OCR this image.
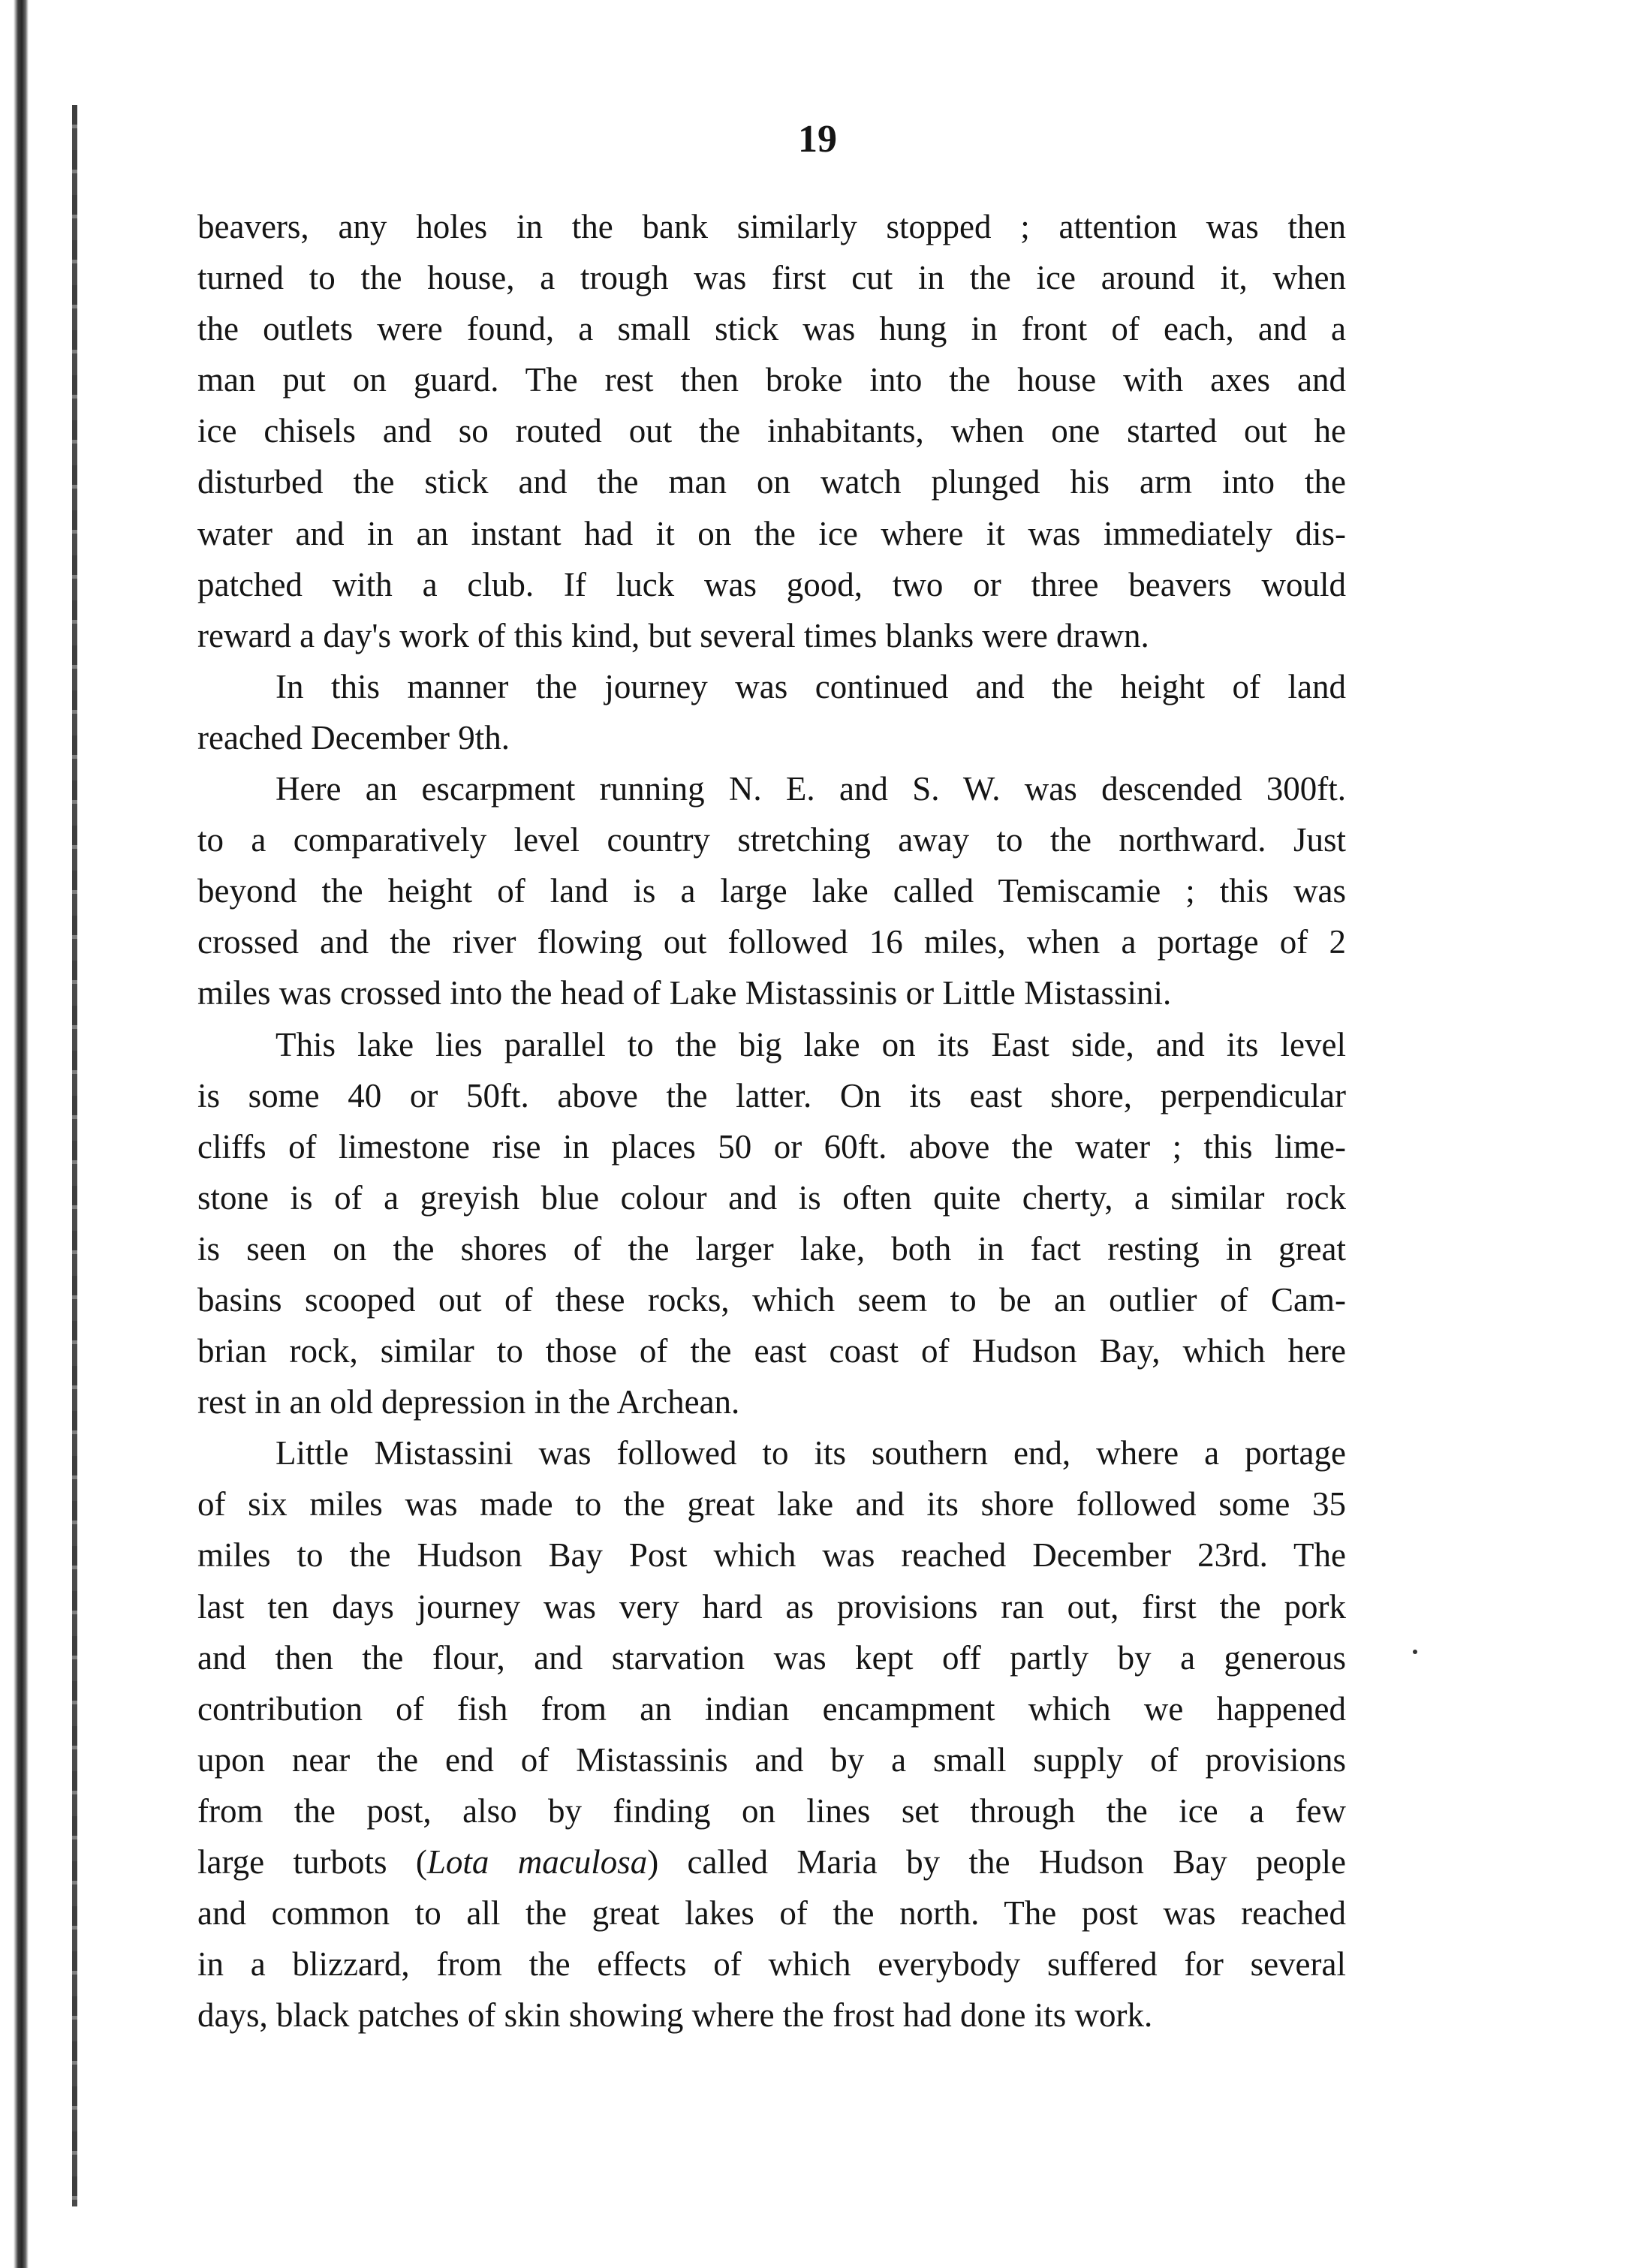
19
beavers, any holes in the bank similarly stopped ; attention was then
turned to the house, a trough was first cut in the ice around it, when
the outlets were found, a small stick was hung in front of each, and a
man put on guard. The rest then broke into the house with axes and
ice chisels and so routed out the inhabitants, when one started out he
disturbed the stick and the man on watch plunged his arm into the
water and in an instant had it on the ice where it was immediately dis-
patched with a club. If luck was good, two or three beavers would
reward a day's work of this kind, but several times blanks were drawn.
In this manner the journey was continued and the height of land
reached December 9th.
Here an escarpment running N. E. and S. W. was descended 300ft.
to a comparatively level country stretching away to the northward. Just
beyond the height of land is a large lake called Temiscamie ; this was
crossed and the river flowing out followed 16 miles, when a portage of 2
miles was crossed into the head of Lake Mistassinis or Little Mistassini.
This lake lies parallel to the big lake on its East side, and its level
is some 40 or 50ft. above the latter. On its east shore, perpendicular
cliffs of limestone rise in places 50 or 60ft. above the water ; this lime-
stone is of a greyish blue colour and is often quite cherty, a similar rock
is seen on the shores of the larger lake, both in fact resting in great
basins scooped out of these rocks, which seem to be an outlier of Cam-
brian rock, similar to those of the east coast of Hudson Bay, which here
rest in an old depression in the Archean.
Little Mistassini was followed to its southern end, where a portage
of six miles was made to the great lake and its shore followed some 35
miles to the Hudson Bay Post which was reached December 23rd. The
last ten days journey was very hard as provisions ran out, first the pork
and then the flour, and starvation was kept off partly by a generous
contribution of fish from an indian encampment which we happened
upon near the end of Mistassinis and by a small supply of provisions
from the post, also by finding on lines set through the ice a few
large turbots (Lota maculosa) called Maria by the Hudson Bay people
and common to all the great lakes of the north. The post was reached
in a blizzard, from the effects of which everybody suffered for several
days, black patches of skin showing where the frost had done its work.
